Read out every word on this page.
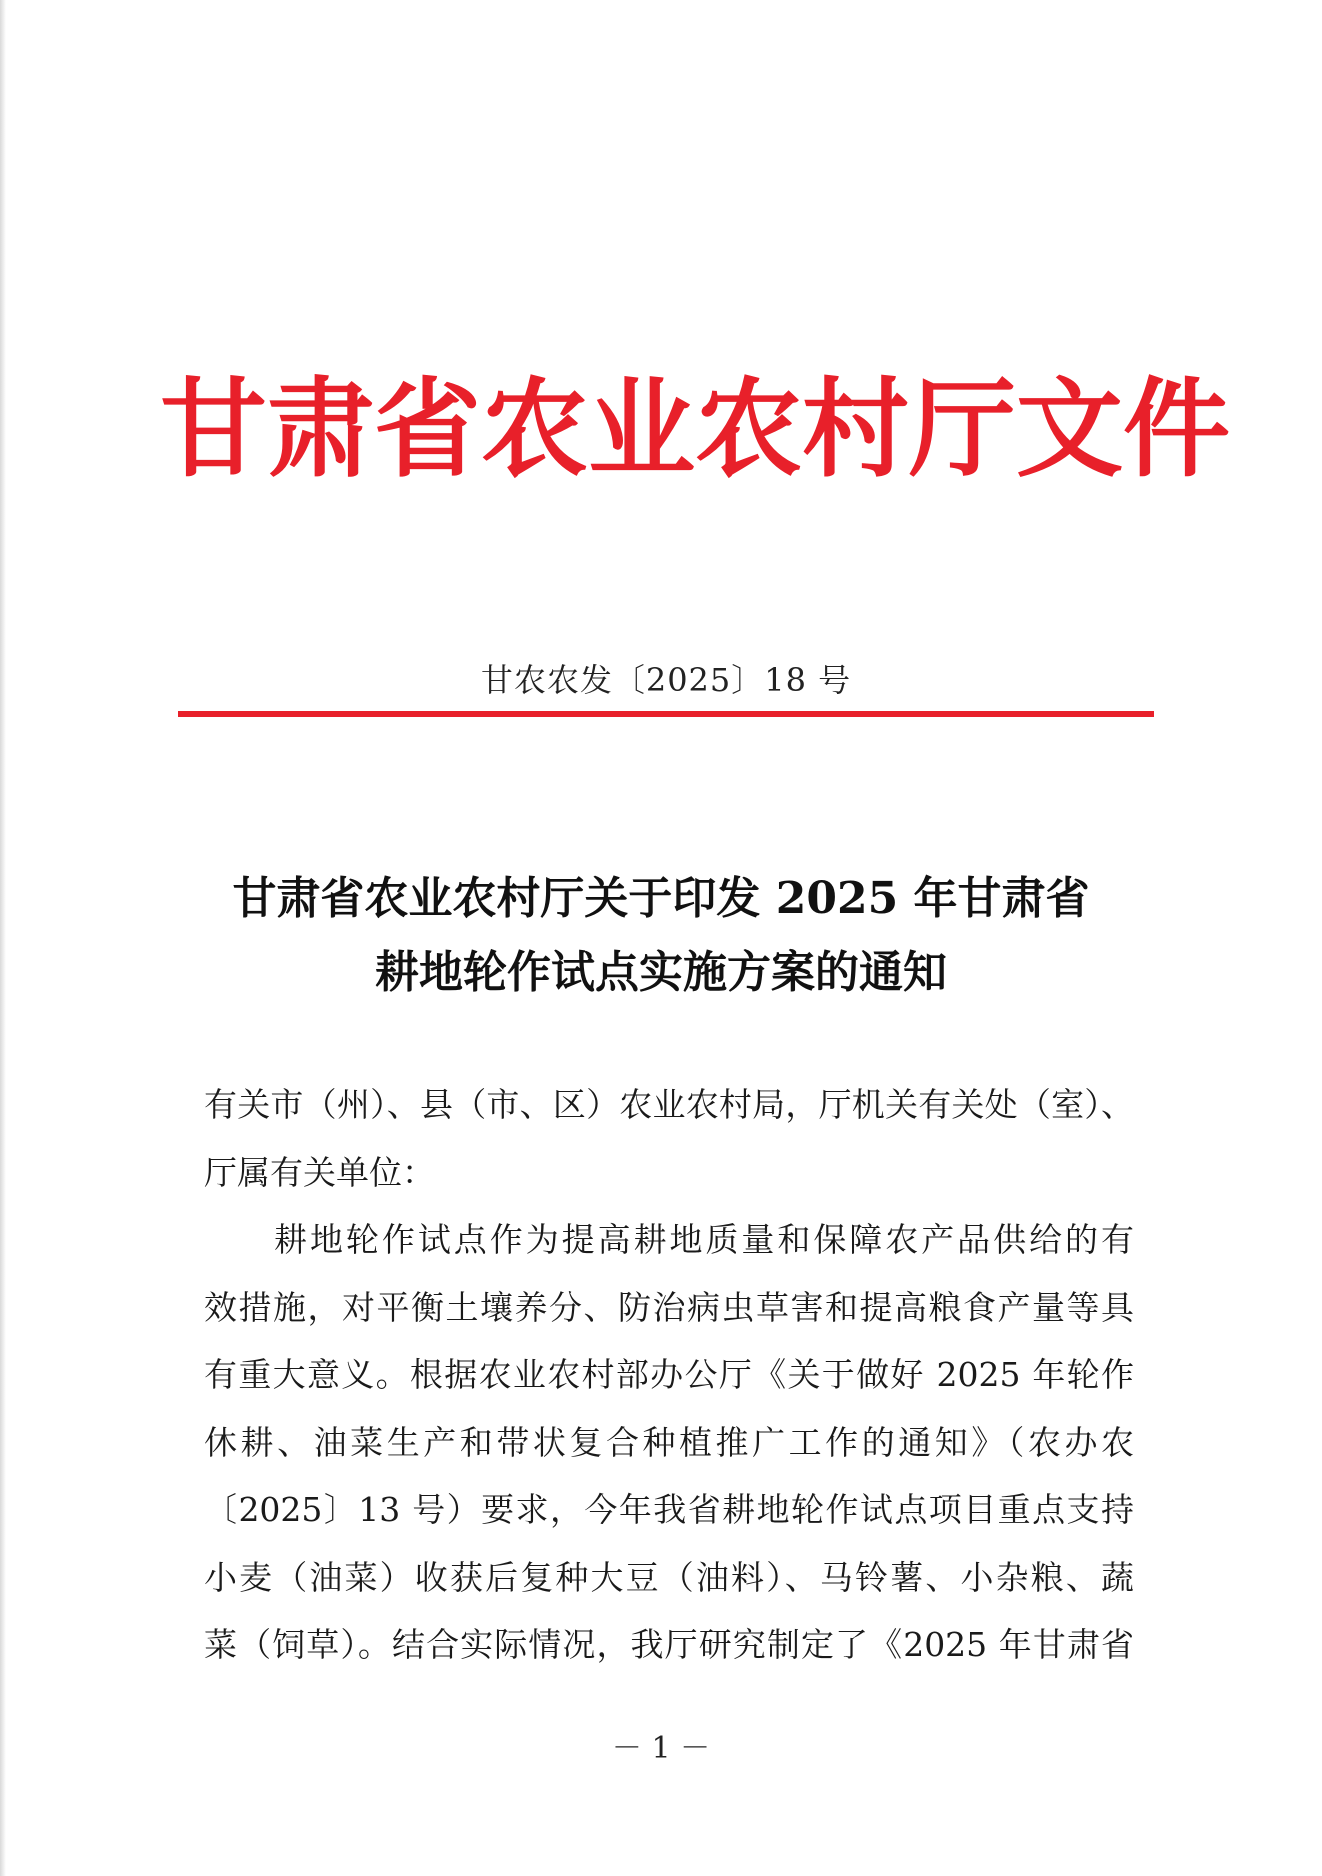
甘肃省农业农村厅文件
甘农农发〔2025〕18 号
甘肃省农业农村厅关于印发 2025 年甘肃省
耕地轮作试点实施方案的通知
有关市（州）、县（市、区）农业农村局，厅机关有关处（室）、
厅属有关单位：
耕地轮作试点作为提高耕地质量和保障农产品供给的有
效措施，对平衡土壤养分、防治病虫草害和提高粮食产量等具
有重大意义。根据农业农村部办公厅《关于做好 2025 年轮作
休耕、油菜生产和带状复合种植推广工作的通知》（农办农
〔2025〕13 号）要求，今年我省耕地轮作试点项目重点支持
小麦（油菜）收获后复种大豆（油料）、马铃薯、小杂粮、蔬
菜（饲草）。结合实际情况，我厅研究制定了《2025 年甘肃省
－ 1 －
